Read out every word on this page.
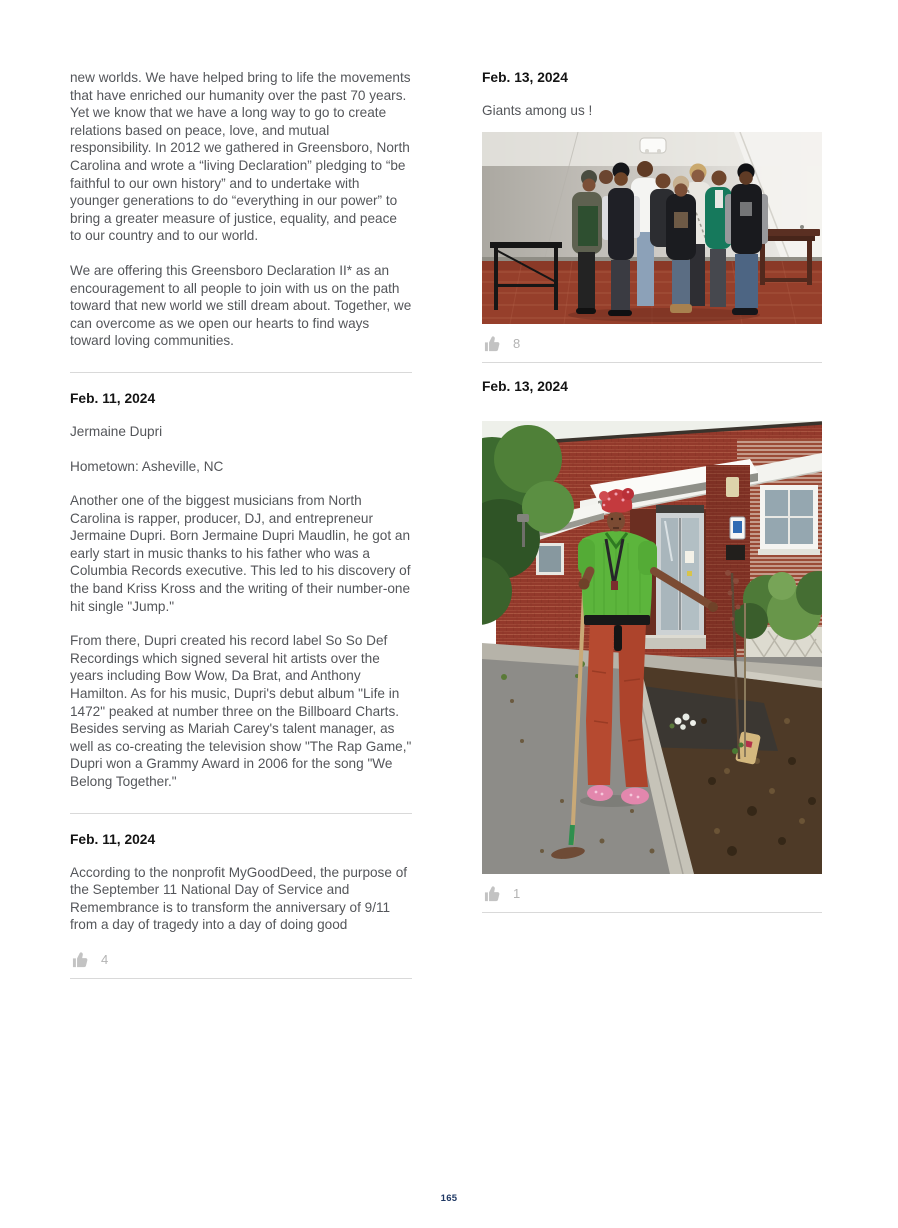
new worlds. We have helped bring to life the movements that have enriched our humanity over the past 70 years. Yet we know that we have a long way to go to create relations based on peace, love, and mutual responsibility. In 2012 we gathered in Greensboro, North Carolina and wrote a “living Declaration” pledging to “be faithful to our own history” and to undertake with younger generations to do “everything in our power” to bring a greater measure of justice, equality, and peace to our country and to our world.

We are offering this Greensboro Declaration II* as an encouragement to all people to join with us on the path toward that new world we still dream about. Together, we can overcome as we open our hearts to find ways toward loving communities.

Feb. 11, 2024

Jermaine Dupri

Hometown: Asheville, NC

Another one of the biggest musicians from North Carolina is rapper, producer, DJ, and entrepreneur Jermaine Dupri. Born Jermaine Dupri Maudlin, he got an early start in music thanks to his father who was a Columbia Records executive. This led to his discovery of the band Kriss Kross and the writing of their number-one hit single "Jump."

From there, Dupri created his record label So So Def Recordings which signed several hit artists over the years including Bow Wow, Da Brat, and Anthony Hamilton. As for his music, Dupri's debut album "Life in 1472" peaked at number three on the Billboard Charts. Besides serving as Mariah Carey's talent manager, as well as co-creating the television show "The Rap Game," Dupri won a Grammy Award in 2006 for the song "We Belong Together."

Feb. 11, 2024

According to the nonprofit MyGoodDeed, the purpose of the September 11 National Day of Service and Remembrance is to transform the anniversary of 9/11 from a day of tragedy into a day of doing good

4
Feb. 13, 2024

Giants among us !

8
Feb. 13, 2024
1
165
